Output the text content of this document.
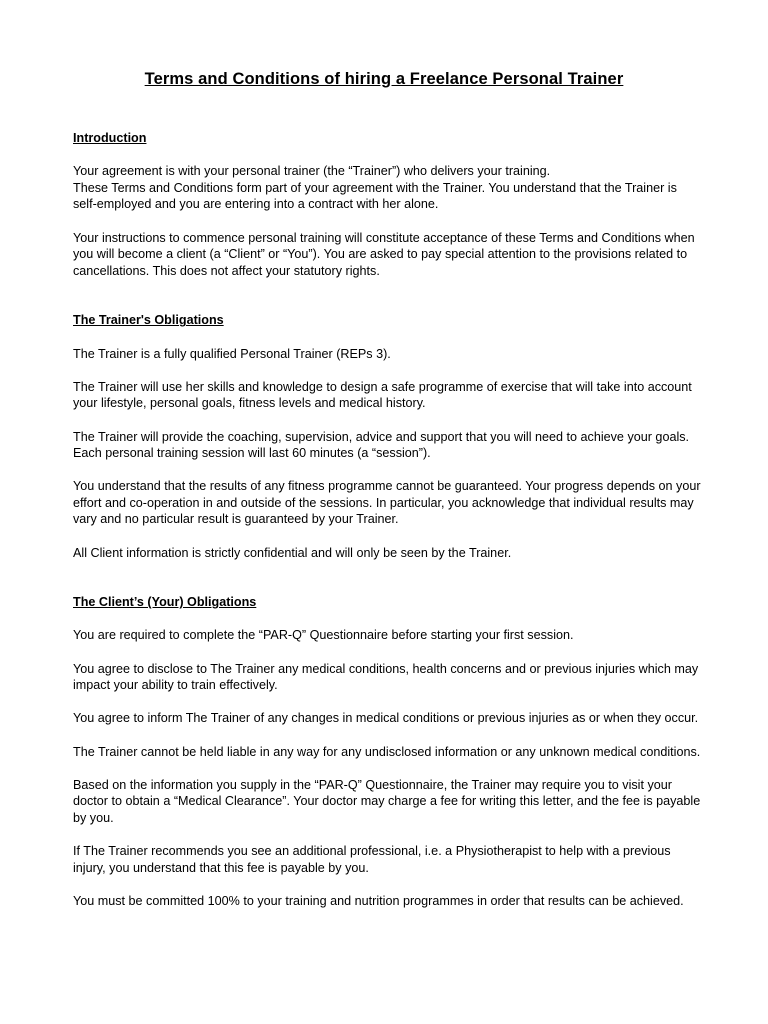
Terms and Conditions of hiring a Freelance Personal Trainer

Introduction

Your agreement is with your personal trainer (the “Trainer”) who delivers your training.

These Terms and Conditions form part of your agreement with the Trainer. You understand that the Trainer is self-employed and you are entering into a contract with her alone.

Your instructions to commence personal training will constitute acceptance of these Terms and Conditions when you will become a client (a “Client” or “You”). You are asked to pay special attention to the provisions related to cancellations. This does not affect your statutory rights.

The Trainer's Obligations

The Trainer is a fully qualified Personal Trainer (REPs 3).

The Trainer will use her skills and knowledge to design a safe programme of exercise that will take into account your lifestyle, personal goals, fitness levels and medical history.

The Trainer will provide the coaching, supervision, advice and support that you will need to achieve your goals. Each personal training session will last 60 minutes (a “session”).

You understand that the results of any fitness programme cannot be guaranteed. Your progress depends on your effort and co-operation in and outside of the sessions. In particular, you acknowledge that individual results may vary and no particular result is guaranteed by your Trainer.

All Client information is strictly confidential and will only be seen by the Trainer.

The Client’s (Your) Obligations

You are required to complete the “PAR-Q” Questionnaire before starting your first session.

You agree to disclose to The Trainer any medical conditions, health concerns and or previous injuries which may impact your ability to train effectively.

You agree to inform The Trainer of any changes in medical conditions or previous injuries as or when they occur.

The Trainer cannot be held liable in any way for any undisclosed information or any unknown medical conditions.

Based on the information you supply in the “PAR-Q” Questionnaire, the Trainer may require you to visit your doctor to obtain a “Medical Clearance”. Your doctor may charge a fee for writing this letter, and the fee is payable by you.

If The Trainer recommends you see an additional professional, i.e. a Physiotherapist to help with a previous injury, you understand that this fee is payable by you.

You must be committed 100% to your training and nutrition programmes in order that results can be achieved.
